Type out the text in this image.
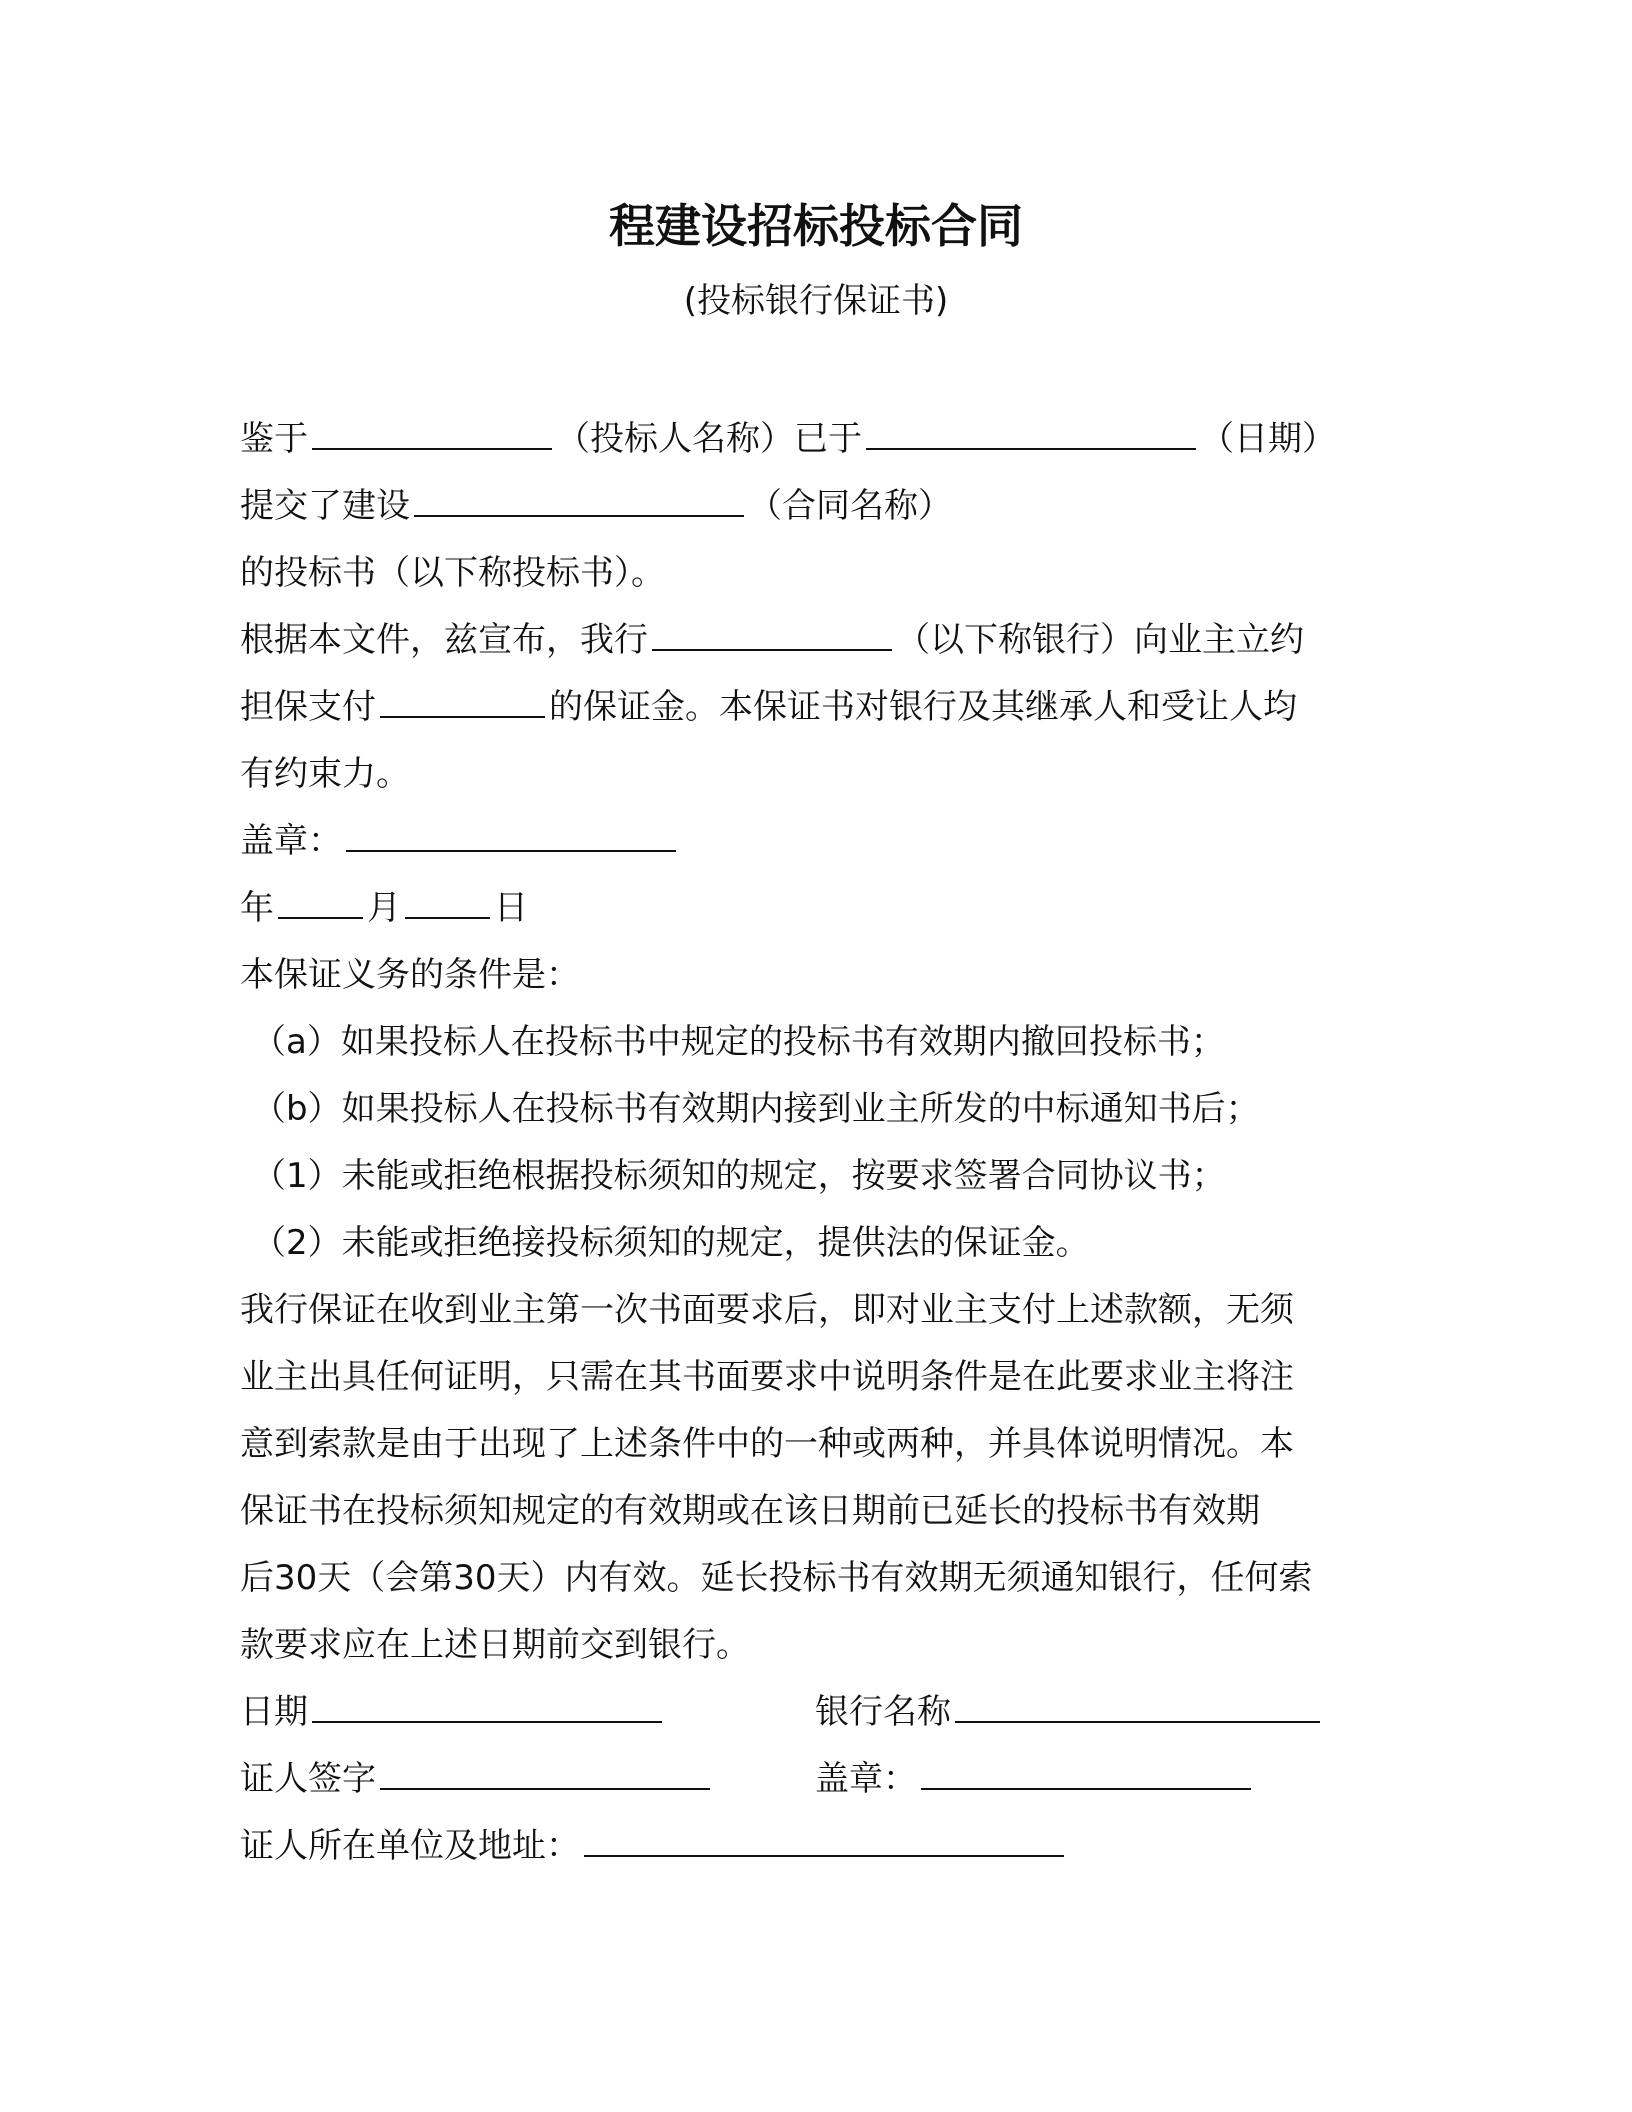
程建设招标投标合同
(投标银行保证书)
鉴于	（投标人名称）已于	（日期）
提交了建设	（合同名称）
的投标书（以下称投标书）。
根据本文件，兹宣布，我行	（以下称银行）向业主立约
担保支付	的保证金。本保证书对银行及其继承人和受让人均
有约束力。
盖章：
年	月	日
本保证义务的条件是：
（a）如果投标人在投标书中规定的投标书有效期内撤回投标书；
（b）如果投标人在投标书有效期内接到业主所发的中标通知书后；
（1）未能或拒绝根据投标须知的规定，按要求签署合同协议书；
（2）未能或拒绝接投标须知的规定，提供法的保证金。
我行保证在收到业主第一次书面要求后，即对业主支付上述款额，无须
业主出具任何证明，只需在其书面要求中说明条件是在此要求业主将注
意到索款是由于出现了上述条件中的一种或两种，并具体说明情况。本
保证书在投标须知规定的有效期或在该日期前已延长的投标书有效期
后30天（会第30天）内有效。延长投标书有效期无须通知银行，任何索
款要求应在上述日期前交到银行。
日期	银行名称
证人签字	盖章：
证人所在单位及地址：
